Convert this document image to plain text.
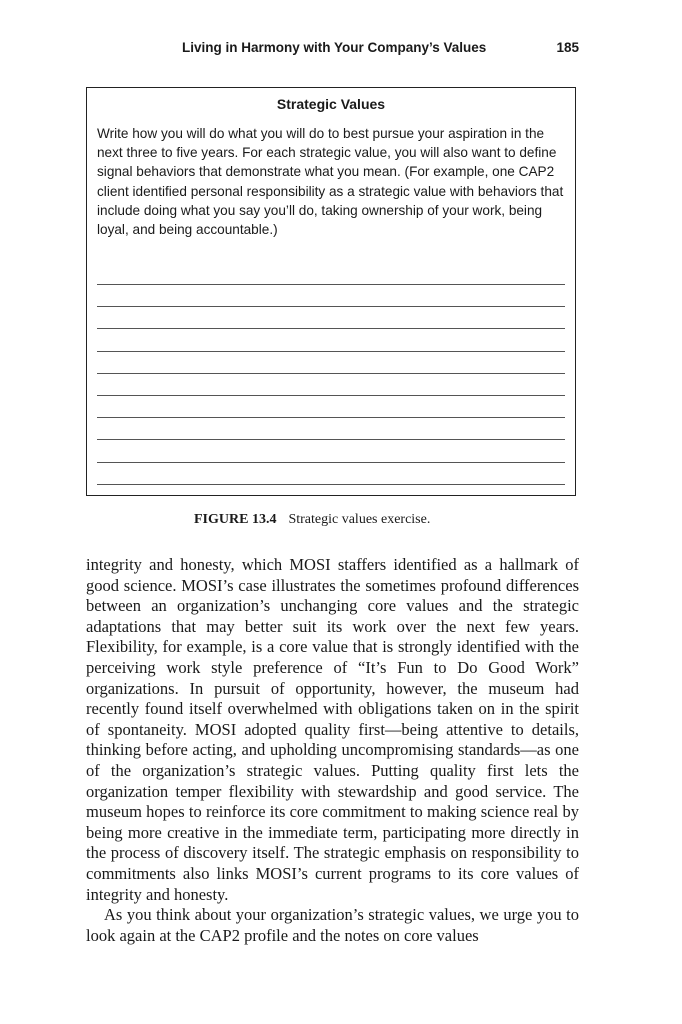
Living in Harmony with Your Company’s Values	185
Strategic Values
Write how you will do what you will do to best pursue your aspiration in the next three to five years. For each strategic value, you will also want to define signal behaviors that demonstrate what you mean. (For example, one CAP2 client identified personal responsibility as a strategic value with behaviors that include doing what you say you’ll do, taking ownership of your work, being loyal, and being accountable.)
FIGURE 13.4 Strategic values exercise.

integrity and honesty, which MOSI staffers identified as a hallmark of good science. MOSI’s case illustrates the sometimes profound differences between an organization’s unchanging core values and the strategic adaptations that may better suit its work over the next few years. Flexibility, for example, is a core value that is strongly identified with the perceiving work style preference of “It’s Fun to Do Good Work” organizations. In pursuit of opportunity, however, the museum had recently found itself overwhelmed with obligations taken on in the spirit of spontaneity. MOSI adopted quality first—being attentive to details, thinking before acting, and upholding uncompromising standards—as one of the organization’s strategic values. Putting quality first lets the organization temper flexibility with stewardship and good service. The museum hopes to reinforce its core commitment to making science real by being more creative in the immediate term, participating more directly in the process of discovery itself. The strategic emphasis on responsibility to commitments also links MOSI’s current programs to its core values of integrity and honesty.

As you think about your organization’s strategic values, we urge you to look again at the CAP2 profile and the notes on core values
